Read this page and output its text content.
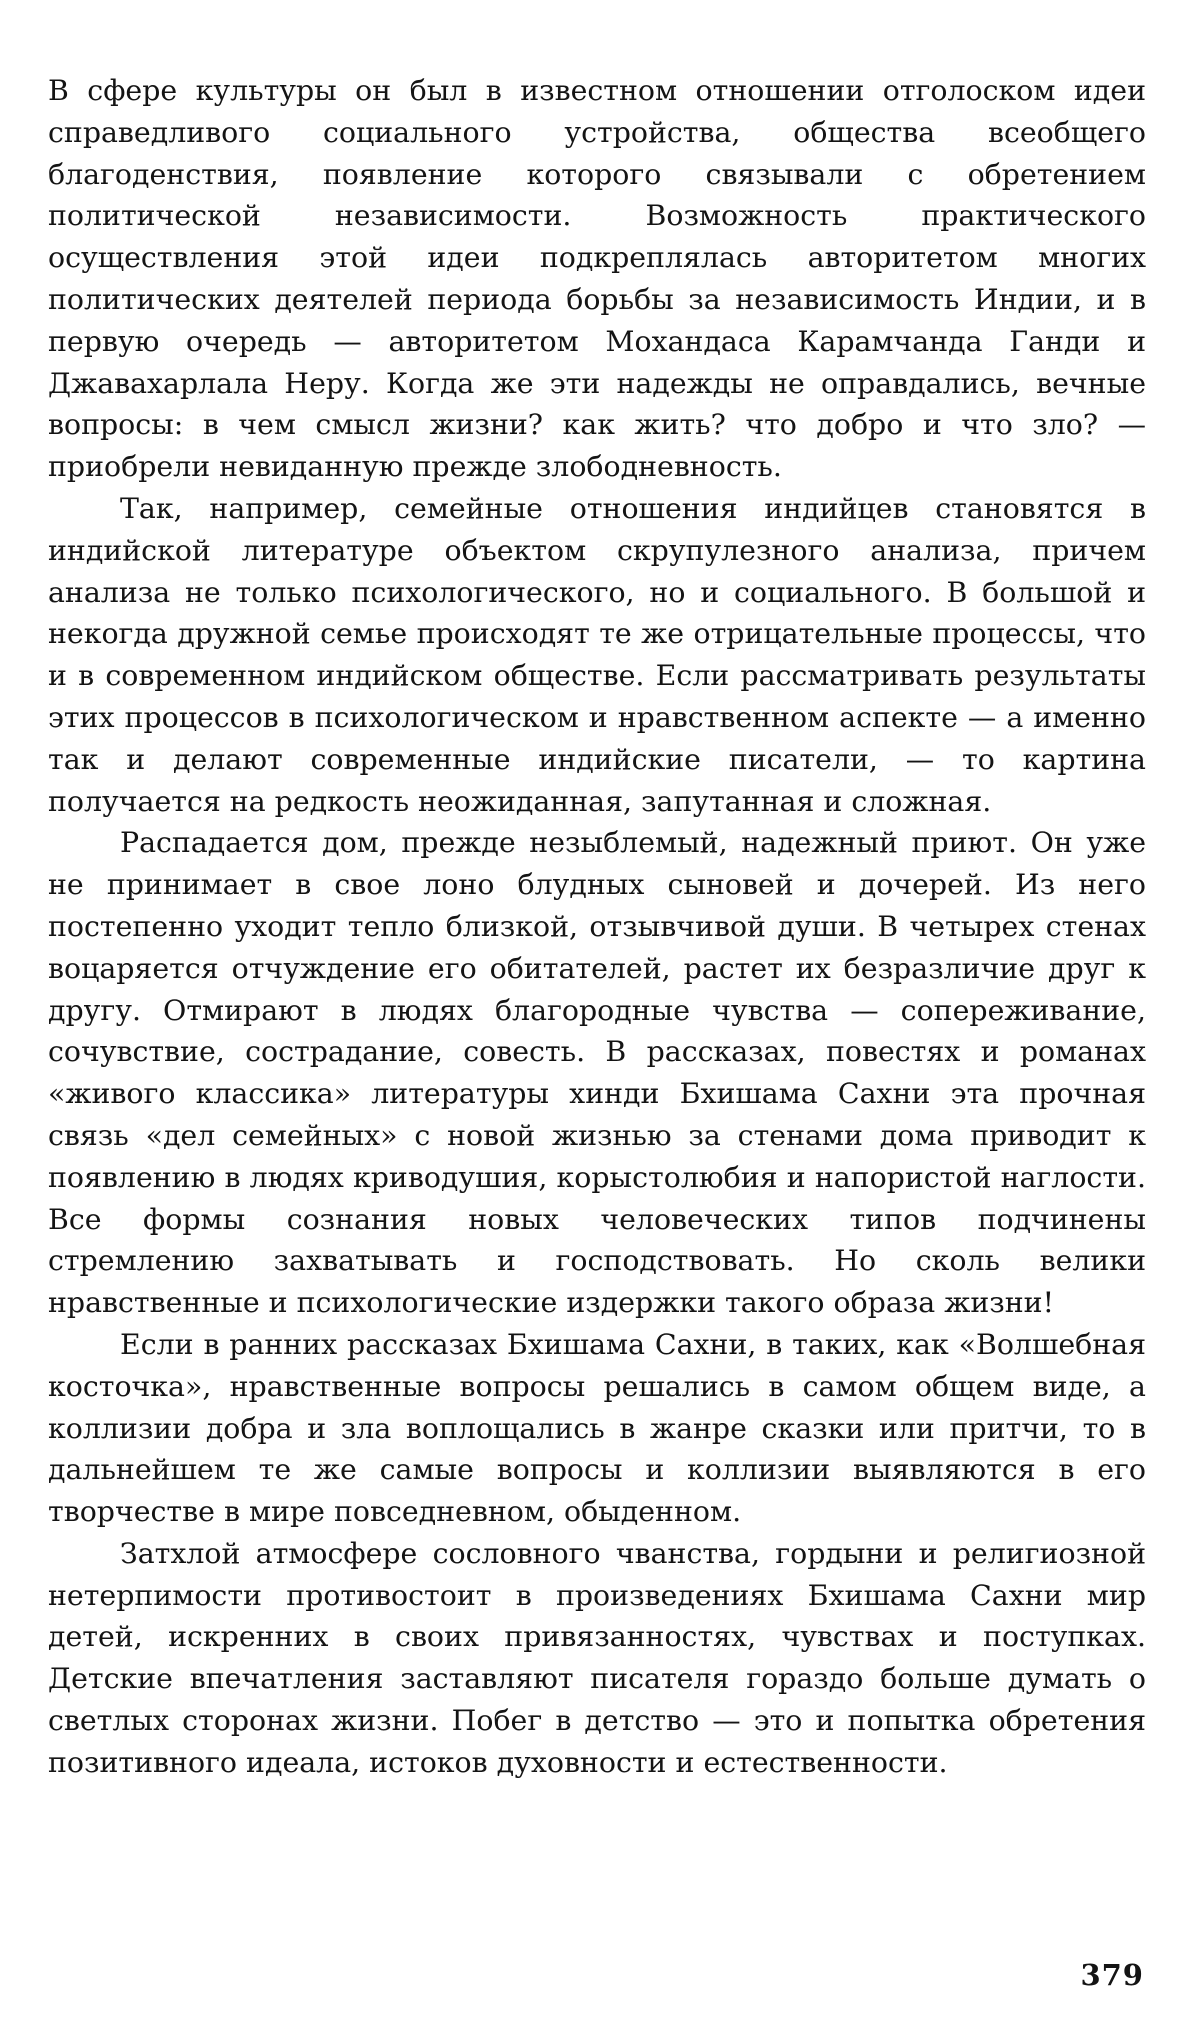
В сфере культуры он был в известном отношении отголоском идеи справедливого социального устройства, общества всеобщего благоденствия, появление которого связывали с обретением политической независимости. Возможность практического осуществления этой идеи подкреплялась авторитетом многих политических деятелей периода борьбы за независимость Индии, и в первую очередь — авторитетом Мохандаса Карамчанда Ганди и Джавахарлала Неру. Когда же эти надежды не оправдались, вечные вопросы: в чем смысл жизни? как жить? что добро и что зло? — приобрели невиданную прежде злободневность.

Так, например, семейные отношения индийцев становятся в индийской литературе объектом скрупулезного анализа, причем анализа не только психологического, но и социального. В большой и некогда дружной семье происходят те же отрицательные процессы, что и в современном индийском обществе. Если рассматривать результаты этих процессов в психологическом и нравственном аспекте — а именно так и делают современные индийские писатели, — то картина получается на редкость неожиданная, запутанная и сложная.

Распадается дом, прежде незыблемый, надежный приют. Он уже не принимает в свое лоно блудных сыновей и дочерей. Из него постепенно уходит тепло близкой, отзывчивой души. В четырех стенах воцаряется отчуждение его обитателей, растет их безразличие друг к другу. Отмирают в людях благородные чувства — сопереживание, сочувствие, сострадание, совесть. В рассказах, повестях и романах «живого классика» литературы хинди Бхишама Сахни эта прочная связь «дел семейных» с новой жизнью за стенами дома приводит к появлению в людях криводушия, корыстолюбия и напористой наглости. Все формы сознания новых человеческих типов подчинены стремлению захватывать и господствовать. Но сколь велики нравственные и психологические издержки такого образа жизни!

Если в ранних рассказах Бхишама Сахни, в таких, как «Волшебная косточка», нравственные вопросы решались в самом общем виде, а коллизии добра и зла воплощались в жанре сказки или притчи, то в дальнейшем те же самые вопросы и коллизии выявляются в его творчестве в мире повседневном, обыденном.

Затхлой атмосфере сословного чванства, гордыни и религиозной нетерпимости противостоит в произведениях Бхишама Сахни мир детей, искренних в своих привязанностях, чувствах и поступках. Детские впечатления заставляют писателя гораздо больше думать о светлых сторонах жизни. Побег в детство — это и попытка обретения позитивного идеала, истоков духовности и естественности.

379
